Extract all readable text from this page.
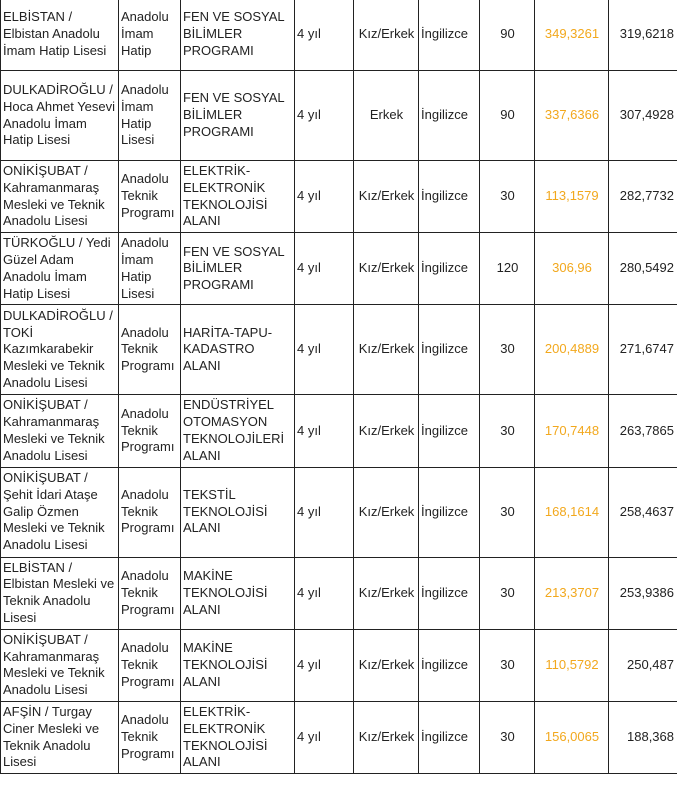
ELBİSTAN / Elbistan Anadolu İmam Hatip Lisesi	Anadolu İmam Hatip	FEN VE SOSYAL BİLİMLER PROGRAMI	4 yıl	Kız/Erkek	İngilizce	90	349,3261	319,6218
DULKADİROĞLU / Hoca Ahmet Yesevi Anadolu İmam Hatip Lisesi	Anadolu İmam Hatip Lisesi	FEN VE SOSYAL BİLİMLER PROGRAMI	4 yıl	Erkek	İngilizce	90	337,6366	307,4928
ONİKİŞUBAT / Kahramanmaraş Mesleki ve Teknik Anadolu Lisesi	Anadolu Teknik Programı	ELEKTRİK-ELEKTRONİK TEKNOLOJİSİ ALANI	4 yıl	Kız/Erkek	İngilizce	30	113,1579	282,7732
TÜRKOĞLU / Yedi Güzel Adam Anadolu İmam Hatip Lisesi	Anadolu İmam Hatip Lisesi	FEN VE SOSYAL BİLİMLER PROGRAMI	4 yıl	Kız/Erkek	İngilizce	120	306,96	280,5492
DULKADİROĞLU / TOKİ Kazımkarabekir Mesleki ve Teknik Anadolu Lisesi	Anadolu Teknik Programı	HARİTA-TAPU-KADASTRO ALANI	4 yıl	Kız/Erkek	İngilizce	30	200,4889	271,6747
ONİKİŞUBAT / Kahramanmaraş Mesleki ve Teknik Anadolu Lisesi	Anadolu Teknik Programı	ENDÜSTRİYEL OTOMASYON TEKNOLOJİLERİ ALANI	4 yıl	Kız/Erkek	İngilizce	30	170,7448	263,7865
ONİKİŞUBAT / Şehit İdari Ataşe Galip Özmen Mesleki ve Teknik Anadolu Lisesi	Anadolu Teknik Programı	TEKSTİL TEKNOLOJİSİ ALANI	4 yıl	Kız/Erkek	İngilizce	30	168,1614	258,4637
ELBİSTAN / Elbistan Mesleki ve Teknik Anadolu Lisesi	Anadolu Teknik Programı	MAKİNE TEKNOLOJİSİ ALANI	4 yıl	Kız/Erkek	İngilizce	30	213,3707	253,9386
ONİKİŞUBAT / Kahramanmaraş Mesleki ve Teknik Anadolu Lisesi	Anadolu Teknik Programı	MAKİNE TEKNOLOJİSİ ALANI	4 yıl	Kız/Erkek	İngilizce	30	110,5792	250,487
AFŞİN / Turgay Ciner Mesleki ve Teknik Anadolu Lisesi	Anadolu Teknik Programı	ELEKTRİK-ELEKTRONİK TEKNOLOJİSİ ALANI	4 yıl	Kız/Erkek	İngilizce	30	156,0065	188,368
